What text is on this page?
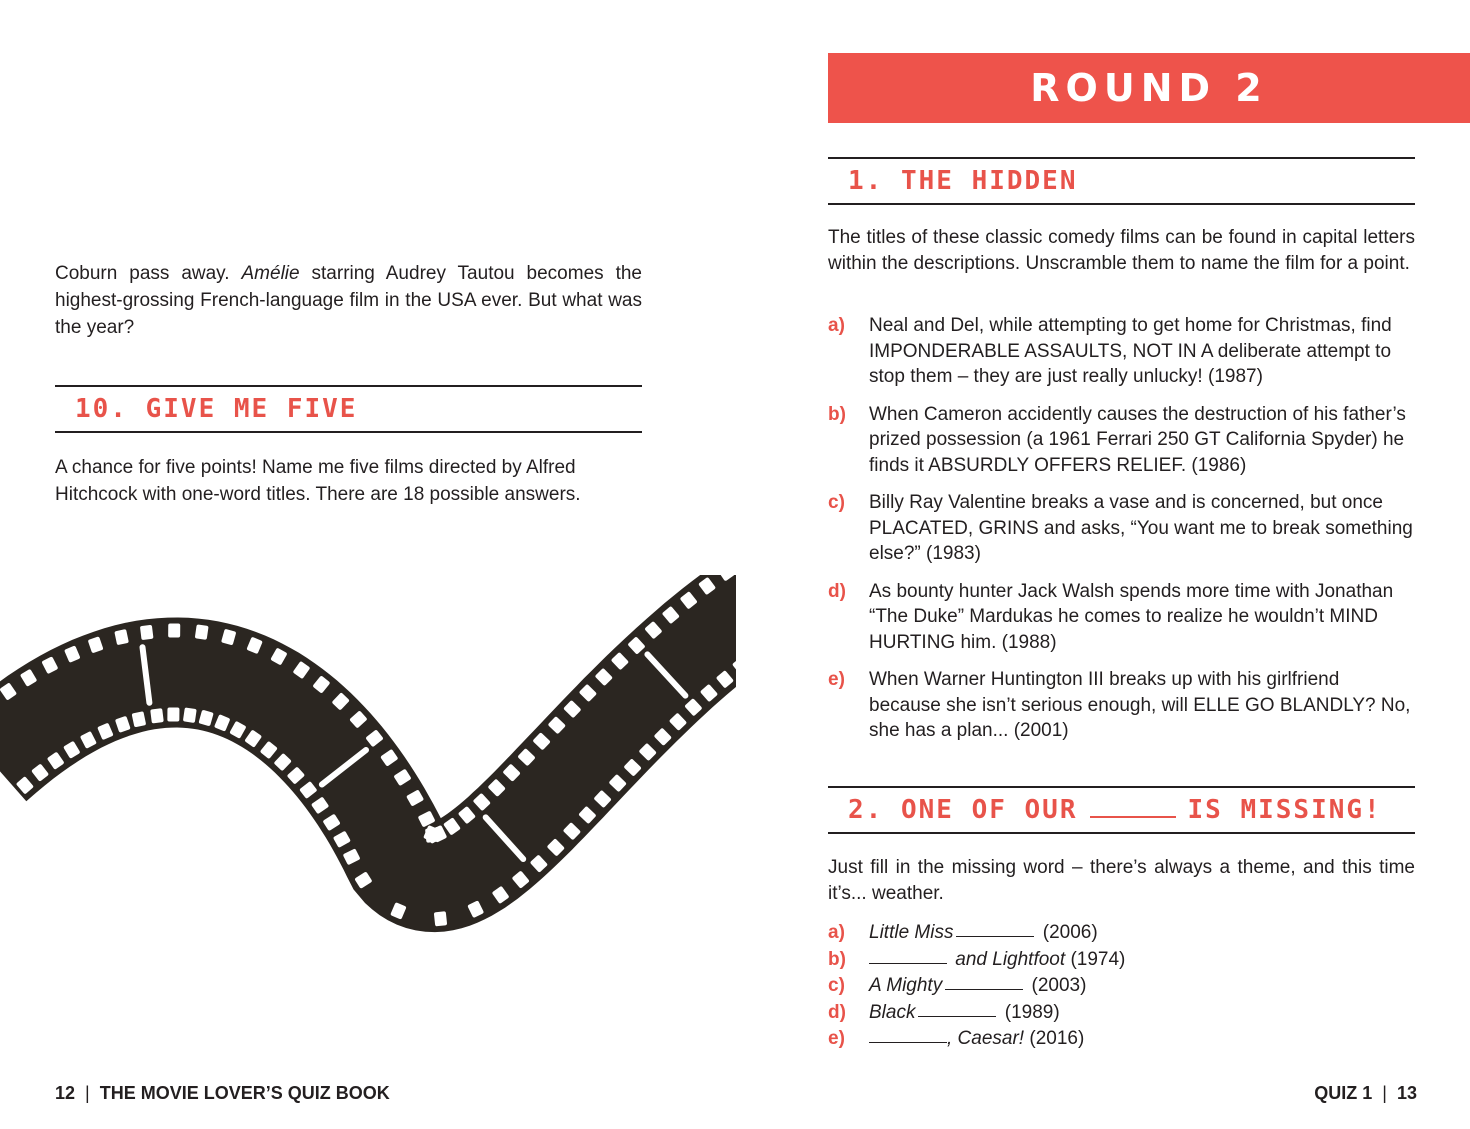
Coburn pass away. Amélie starring Audrey Tautou becomes the highest-grossing French-language film in the USA ever. But what was the year?
10. GIVE ME FIVE
A chance for five points! Name me five films directed by Alfred Hitchcock with one-word titles. There are 18 possible answers.
ROUND 2
1. THE HIDDEN
The titles of these classic comedy films can be found in capital letters within the descriptions. Unscramble them to name the film for a point.
a)	Neal and Del, while attempting to get home for Christmas, find IMPONDERABLE ASSAULTS, NOT IN A deliberate attempt to stop them – they are just really unlucky! (1987)
b)	When Cameron accidently causes the destruction of his father’s prized possession (a 1961 Ferrari 250 GT California Spyder) he finds it ABSURDLY OFFERS RELIEF. (1986)
c)	Billy Ray Valentine breaks a vase and is concerned, but once PLACATED, GRINS and asks, “You want me to break something else?” (1983)
d)	As bounty hunter Jack Walsh spends more time with Jonathan “The Duke” Mardukas he comes to realize he wouldn’t MIND HURTING him. (1988)
e)	When Warner Huntington III breaks up with his girlfriend because she isn’t serious enough, will ELLE GO BLANDLY? No, she has a plan... (2001)
2. ONE OF OUR	IS MISSING!
Just fill in the missing word – there’s always a theme, and this time it’s... weather.
a)	Little Miss
	(2006)
b)
	and Lightfoot
(1974)
c)	A Mighty
	(2003)
d)	Black
	(1989)
e)	, Caesar!
(2016)
12 | THE MOVIE LOVER’S QUIZ BOOK	QUIZ 1 | 13
